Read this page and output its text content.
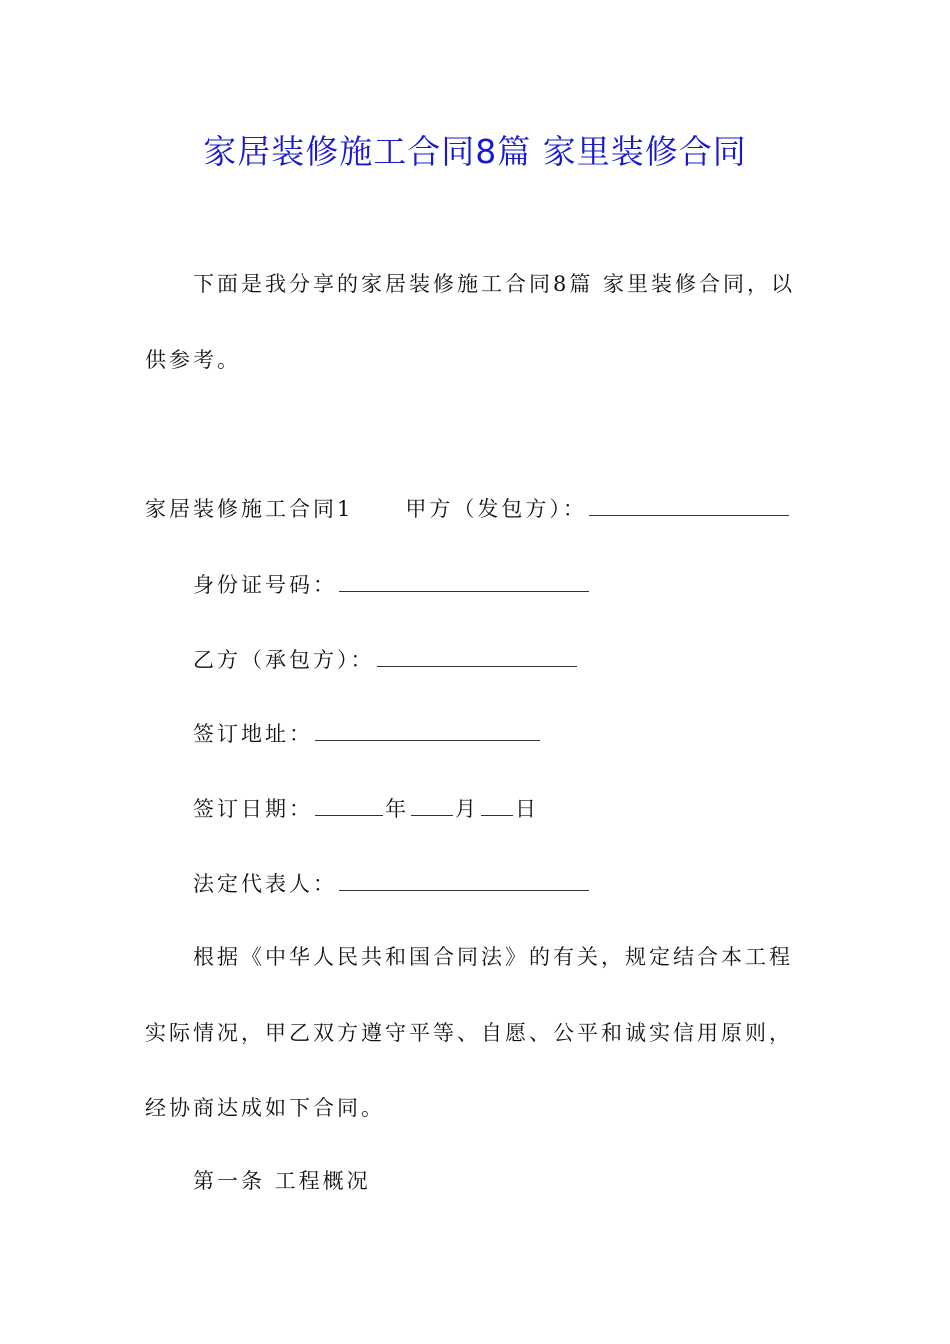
家居装修施工合同8篇 家里装修合同
下面是我分享的家居装修施工合同8篇 家里装修合同，以
供参考。
家居装修施工合同1 甲方（发包方）：
身份证号码：
乙方（承包方）：
签订地址：
签订日期：	年 月 日
法定代表人：
根据《中华人民共和国合同法》的有关，规定结合本工程
实际情况，甲乙双方遵守平等、自愿、公平和诚实信用原则，
经协商达成如下合同。
第一条 工程概况
